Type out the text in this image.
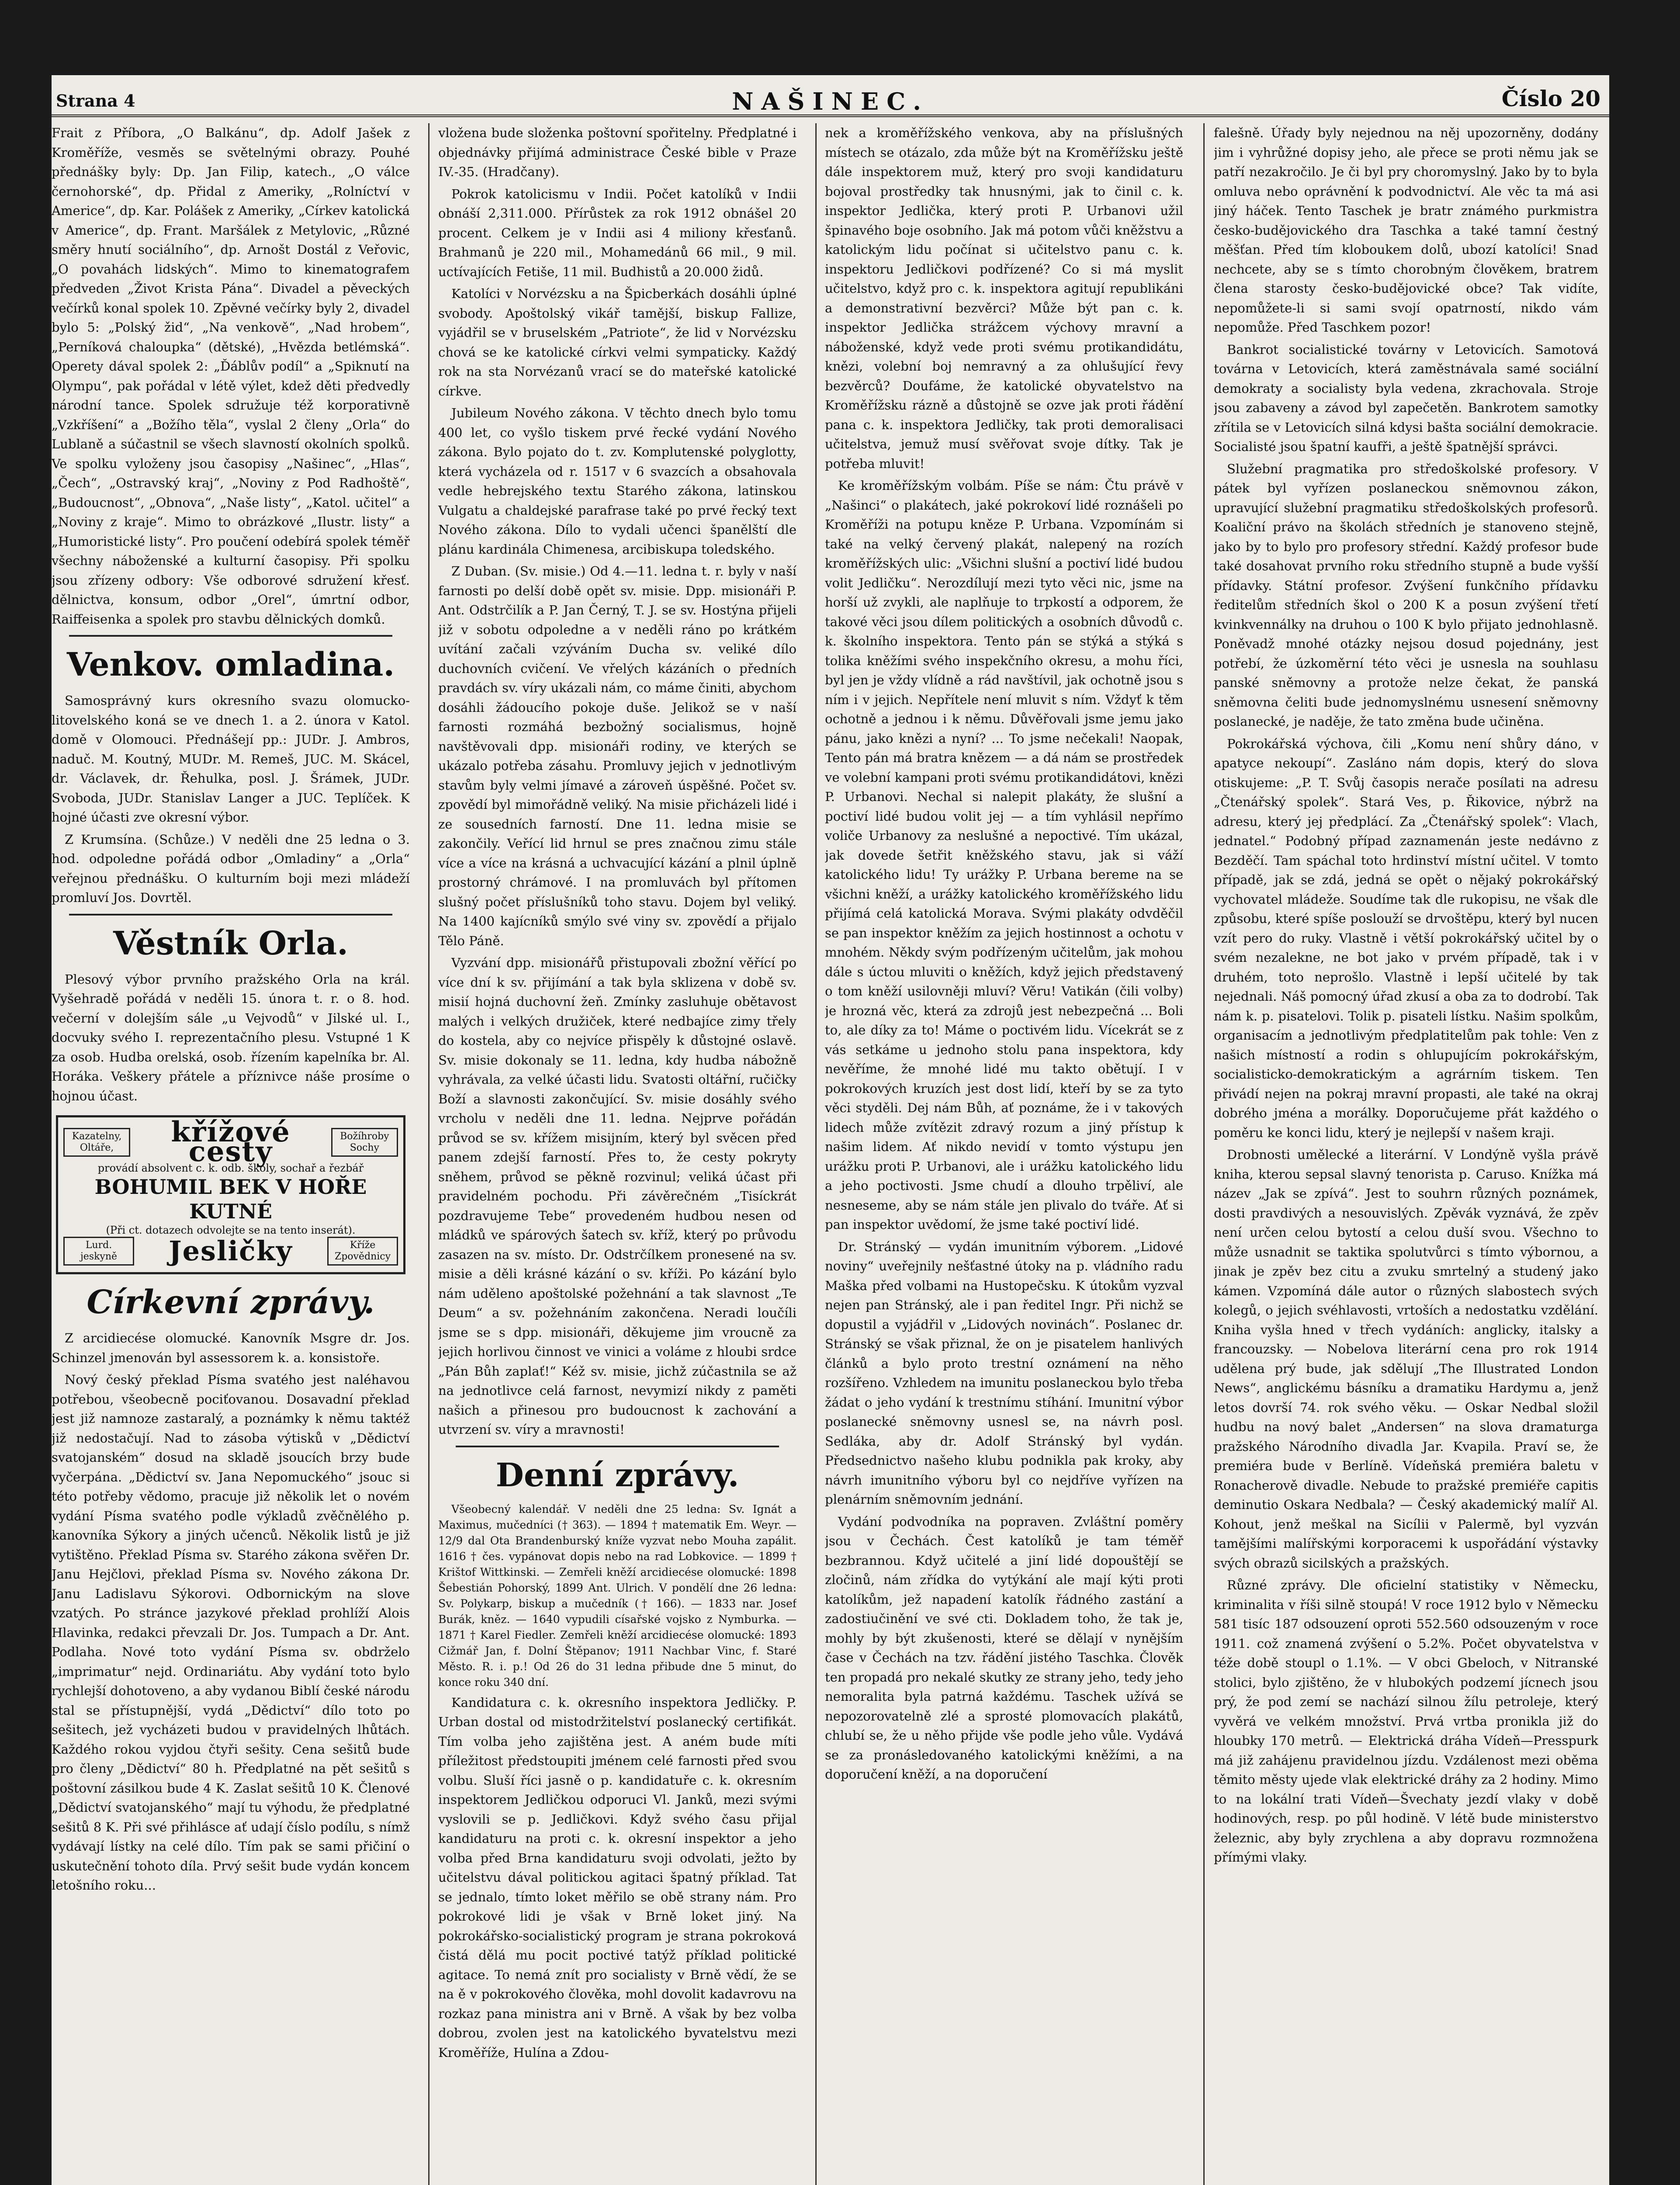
Strana 4	NAŠINEC.	Číslo 20

Frait z Příbora, „O Balkánu“, dp. Adolf Jašek z Kroměříže, vesměs se světelnými obrazy. Pouhé přednášky byly: Dp. Jan Filip, katech., „O válce černohorské“, dp. Přidal z Ameriky, „Rolníctví v Americe“, dp. Kar. Polášek z Ameriky, „Církev katolická v Americe“, dp. Frant. Maršálek z Metylovic, „Různé směry hnutí sociálního“, dp. Arnošt Dostál z Veřovic, „O povahách lidských“. Mimo to kinematografem předveden „Život Krista Pána“. Divadel a pěveckých večírků konal spolek 10. Zpěvné večírky byly 2, divadel bylo 5: „Polský žid“, „Na venkově“, „Nad hrobem“, „Perníková chaloupka“ (dětské), „Hvězda betlémská“. Operety dával spolek 2: „Ďáblův podíl“ a „Spiknutí na Olympu“, pak pořádal v létě výlet, kdež děti předvedly národní tance. Spolek sdružuje též korporativně „Vzkříšení“ a „Božího těla“, vyslal 2 členy „Orla“ do Lublaně a súčastnil se všech slavností okolních spolků. Ve spolku vyloženy jsou časopisy „Našinec“, „Hlas“, „Čech“, „Ostravský kraj“, „Noviny z Pod Radhoště“, „Budoucnost“, „Obnova“, „Naše listy“, „Katol. učitel“ a „Noviny z kraje“. Mimo to obrázkové „Ilustr. listy“ a „Humoristické listy“. Pro poučení odebírá spolek téměř všechny náboženské a kulturní časopisy. Při spolku jsou zřízeny odbory: Vše odborové sdružení křesť. dělnictva, konsum, odbor „Orel“, úmrtní odbor, Raiffeisenka a spolek pro stavbu dělnických domků.

Venkov. omladina.

Samosprávný kurs okresního svazu olomucko-litovelského koná se ve dnech 1. a 2. února v Katol. domě v Olomouci. Přednášejí pp.: JUDr. J. Ambros, naduč. M. Koutný, MUDr. M. Remeš, JUC. M. Skácel, dr. Václavek, dr. Řehulka, posl. J. Šrámek, JUDr. Svoboda, JUDr. Stanislav Langer a JUC. Teplíček. K hojné účasti zve okresní výbor.

Z Krumsína. (Schůze.) V neděli dne 25 ledna o 3. hod. odpoledne pořádá odbor „Omladiny“ a „Orla“ veřejnou přednášku. O kulturním boji mezi mládeží promluví Jos. Dovrtěl.

Věstník Orla.

Plesový výbor prvního pražského Orla na král. Vyšehradě pořádá v neděli 15. února t. r. o 8. hod. večerní v dolejším sále „u Vejvodů“ v Jilské ul. I., docvuky svého I. reprezentačního plesu. Vstupné 1 K za osob. Hudba orelská, osob. řízením kapelníka br. Al. Horáka. Veškery přátele a příznivce náše prosíme o hojnou účast.

Kazatelny, Oltáře,	křížové cesty	Božíhroby Sochy
provádí absolvent c. k. odb. školy, sochař a řezbář
BOHUMIL BEK V HOŘE KUTNÉ
(Při ct. dotazech odvolejte se na tento inserát).
Lurd. jeskyně	Jesličky	Kříže Zpovědnicy
Církevní zprávy.

Z arcidiecése olomucké. Kanovník Msgre dr. Jos. Schinzel jmenován byl assessorem k. a. konsistoře.

Nový český překlad Písma svatého jest naléhavou potřebou, všeobecně pociťovanou. Dosavadní překlad jest již namnoze zastaralý, a poznámky k němu taktéž již nedostačují. Nad to zásoba výtisků v „Dědictví svatojanském“ dosud na skladě jsoucích brzy bude vyčerpána. „Dědictví sv. Jana Nepomuckého“ jsouc si této potřeby vědomo, pracuje již několik let o novém vydání Písma svatého podle výkladů zvěčnělého p. kanovníka Sýkory a jiných učenců. Několik listů je již vytištěno. Překlad Písma sv. Starého zákona svěřen Dr. Janu Hejčlovi, překlad Písma sv. Nového zákona Dr. Janu Ladislavu Sýkorovi. Odbornickým na slove vzatých. Po stránce jazykové překlad prohlíží Alois Hlavinka, redakci převzali Dr. Jos. Tumpach a Dr. Ant. Podlaha. Nové toto vydání Písma sv. obdrželo „imprimatur“ nejd. Ordinariátu. Aby vydání toto bylo rychlejší dohotoveno, a aby vydanou Biblí české národu stal se přístupnější, vydá „Dědictví“ dílo toto po sešitech, jež vycházeti budou v pravidelných lhůtách. Každého rokou vyjdou čtyři sešity. Cena sešitů bude pro členy „Dědictví“ 80 h. Předplatné na pět sešitů s poštovní zásilkou bude 4 K. Zaslat sešitů 10 K. Členové „Dědictví svatojanského“ mají tu výhodu, že předplatné sešitů 8 K. Při své přihlásce ať udají číslo podílu, s nímž vydávají lístky na celé dílo. Tím pak se sami přičiní o uskutečnění tohoto díla. Prvý sešit bude vydán koncem letošního roku...

vložena bude složenka poštovní spořitelny. Předplatné i objednávky přijímá administrace České bible v Praze IV.-35. (Hradčany).

Pokrok katolicismu v Indii. Počet katolíků v Indii obnáší 2,311.000. Přírůstek za rok 1912 obnášel 20 procent. Celkem je v Indii asi 4 miliony křesťanů. Brahmanů je 220 mil., Mohamedánů 66 mil., 9 mil. uctívajících Fetiše, 11 mil. Budhistů a 20.000 židů.

Katolíci v Norvézsku a na Špicberkách dosáhli úplné svobody. Apoštolský vikář tamější, biskup Fallize, vyjádřil se v bruselském „Patriote“, že lid v Norvézsku chová se ke katolické církvi velmi sympaticky. Každý rok na sta Norvézanů vrací se do mateřské katolické církve.

Jubileum Nového zákona. V těchto dnech bylo tomu 400 let, co vyšlo tiskem prvé řecké vydání Nového zákona. Bylo pojato do t. zv. Komplutenské polyglotty, která vycházela od r. 1517 v 6 svazcích a obsahovala vedle hebrejského textu Starého zákona, latinskou Vulgatu a chaldejské parafrase také po prvé řecký text Nového zákona. Dílo to vydali učenci španělští dle plánu kardinála Chimenesa, arcibiskupa toledského.

Z Duban. (Sv. misie.) Od 4.—11. ledna t. r. byly v naší farnosti po delší době opět sv. misie. Dpp. misionáři P. Ant. Odstrčilík a P. Jan Černý, T. J. se sv. Hostýna přijeli již v sobotu odpoledne a v neděli ráno po krátkém uvítání začali vzýváním Ducha sv. veliké dílo duchovních cvičení. Ve vřelých kázáních o předních pravdách sv. víry ukázali nám, co máme činiti, abychom dosáhli žádoucího pokoje duše. Jelikož se v naší farnosti rozmáhá bezbožný socialismus, hojně navštěvovali dpp. misionáři rodiny, ve kterých se ukázalo potřeba zásahu. Promluvy jejich v jednotlivým stavům byly velmi jímavé a zároveň úspěšné. Počet sv. zpovědí byl mimořádně veliký. Na misie přicházeli lidé i ze sousedních farností. Dne 11. ledna misie se zakončily. Veřící lid hrnul se pres značnou zimu stále více a více na krásná a uchvacující kázání a plnil úplně prostorný chrámové. I na promluvách byl přítomen slušný počet příslušníků toho stavu. Dojem byl veliký. Na 1400 kajícníků smýlo své viny sv. zpovědí a přijalo Tělo Páně.

Vyzvání dpp. misionářů přistupovali zbožní věřící po více dní k sv. přijímání a tak byla sklizena v době sv. misií hojná duchovní žeň. Zmínky zasluhuje obětavost malých i velkých družiček, které nedbajíce zimy třely do kostela, aby co nejvíce přispěly k důstojné oslavě. Sv. misie dokonaly se 11. ledna, kdy hudba nábožně vyhrávala, za velké účasti lidu. Svatosti oltářní, ručičky Boží a slavnosti zakončující. Sv. misie dosáhly svého vrcholu v neděli dne 11. ledna. Nejprve pořádán průvod se sv. křížem misijním, který byl svěcen před panem zdejší farností. Přes to, že cesty pokryty sněhem, průvod se pěkně rozvinul; veliká účast při pravidelném pochodu. Při závěrečném „Tisíckrát pozdravujeme Tebe“ provedeném hudbou nesen od mládků ve spárových šatech sv. kříž, který po průvodu zasazen na sv. místo. Dr. Odstrčílkem pronesené na sv. misie a děli krásné kázání o sv. kříži. Po kázání bylo nám uděleno apoštolské požehnání a tak slavnost „Te Deum“ a sv. požehnáním zakončena. Neradi loučíli jsme se s dpp. misionáři, děkujeme jim vroucně za jejich horlivou činnost ve vinici a voláme z hloubi srdce „Pán Bůh zaplať!“ Kéž sv. misie, jichž zúčastnila se až na jednotlivce celá farnost, nevymizí nikdy z paměti našich a přinesou pro budoucnost k zachování a utvrzení sv. víry a mravnosti!

Denní zprávy.

Všeobecný kalendář. V neděli dne 25 ledna: Sv. Ignát a Maximus, mučedníci († 363). — 1894 † matematik Em. Weyr. — 12/9 dal Ota Brandenburský kníže vyzvat nebo Mouha zapálit. 1616 † čes. vypánovat dopis nebo na rad Lobkovice. — 1899 † Krištof Wittkinski. — Zemřeli kněží arcidiecése olomucké: 1898 Šebestián Pohorský, 1899 Ant. Ulrich. V pondělí dne 26 ledna: Sv. Polykarp, biskup a mučedník († 166). — 1833 nar. Josef Burák, kněz. — 1640 vypudili císařské vojsko z Nymburka. — 1871 † Karel Fiedler. Zemřeli kněží arcidiecése olomucké: 1893 Cižmář Jan, f. Dolní Štěpanov; 1911 Nachbar Vinc, f. Staré Město. R. i. p.! Od 26 do 31 ledna přibude dne 5 minut, do konce roku 340 dní.

Kandidatura c. k. okresního inspektora Jedličky. P. Urban dostal od mistodržitelství poslanecký certifikát. Tím volba jeho zajištěna jest. A aném bude míti příležitost předstoupiti jménem celé farnosti před svou volbu. Sluší říci jasně o p. kandidatuře c. k. okresním inspektorem Jedličkou odporuci Vl. Janků, mezi svými vyslovili se p. Jedličkovi. Když svého času přijal kandidaturu na proti c. k. okresní inspektor a jeho volba před Brna kandidaturu svoji odvolati, ježto by učitelstvu dával politickou agitaci špatný příklad. Tat se jednalo, tímto loket měřilo se obě strany nám. Pro pokrokové lidi je však v Brně loket jiný. Na pokrokářsko-socialistický program je strana pokroková čistá dělá mu pocit poctivé tatýž příklad politické agitace. To nemá znít pro socialisty v Brně vědí, že se na ě v pokrokového člověka, mohl dovolit kadavrovu na rozkaz pana ministra ani v Brně. A však by bez volba dobrou, zvolen jest na katolického byvatelstvu mezi Kroměříže, Hulína a Zdou-

nek a kroměřížského venkova, aby na příslušných místech se otázalo, zda může být na Kroměřížsku ještě dále inspektorem muž, který pro svoji kandidaturu bojoval prostředky tak hnusnými, jak to činil c. k. inspektor Jedlička, který proti P. Urbanovi užil špinavého boje osobního. Jak má potom vůči kněžstvu a katolickým lidu počínat si učitelstvo panu c. k. inspektoru Jedličkovi podřízené? Co si má myslit učitelstvo, když pro c. k. inspektora agitují republikáni a demonstrativní bezvěrci? Může být pan c. k. inspektor Jedlička strážcem výchovy mravní a náboženské, když vede proti svému protikandidátu, knězi, volební boj nemravný a za ohlušující řevy bezvěrců? Doufáme, že katolické obyvatelstvo na Kroměřížsku rázně a důstojně se ozve jak proti řádění pana c. k. inspektora Jedličky, tak proti demoralisaci učitelstva, jemuž musí svěřovat svoje dítky. Tak je potřeba mluvit!

Ke kroměřížským volbám. Píše se nám: Čtu právě v „Našinci“ o plakátech, jaké pokrokoví lidé roznášeli po Kroměříži na potupu kněze P. Urbana. Vzpomínám si také na velký červený plakát, nalepený na rozích kroměřížských ulic: „Všichni slušní a poctiví lidé budou volit Jedličku“. Nerozdílují mezi tyto věci nic, jsme na horší už zvykli, ale naplňuje to trpkostí a odporem, že takové věci jsou dílem politických a osobních důvodů c. k. školního inspektora. Tento pán se stýká a stýká s tolika kněžími svého inspekčního okresu, a mohu říci, byl jen je vždy vlídně a rád navštívil, jak ochotně jsou s ním i v jejich. Nepřítele není mluvit s ním. Vždyť k těm ochotně a jednou i k němu. Důvěřovali jsme jemu jako pánu, jako knězi a nyní? ... To jsme nečekali! Naopak, Tento pán má bratra knězem — a dá nám se prostředek ve volební kampani proti svému protikandidátovi, knězi P. Urbanovi. Nechal si nalepit plakáty, že slušní a poctiví lidé budou volit jej — a tím vyhlásil nepřímo voliče Urbanovy za neslušné a nepoctivé. Tím ukázal, jak dovede šetřit kněžského stavu, jak si váží katolického lidu! Ty urážky P. Urbana bereme na se všichni kněží, a urážky katolického kroměřížského lidu přijímá celá katolická Morava. Svými plakáty odvděčil se pan inspektor kněžím za jejich hostinnost a ochotu v mnohém. Někdy svým podřízeným učitelům, jak mohou dále s úctou mluviti o kněžích, když jejich představený o tom kněží usilovněji mluví? Věru! Vatikán (čili volby) je hrozná věc, která za zdrojů jest nebezpečná ... Boli to, ale díky za to! Máme o poctivém lidu. Vícekrát se z vás setkáme u jednoho stolu pana inspektora, kdy nevěříme, že mnohé lidé mu takto obětují. I v pokrokových kruzích jest dost lidí, kteří by se za tyto věci styděli. Dej nám Bůh, ať poznáme, že i v takových lidech může zvítězit zdravý rozum a jiný přístup k našim lidem. Ať nikdo nevidí v tomto výstupu jen urážku proti P. Urbanovi, ale i urážku katolického lidu a jeho poctivosti. Jsme chudí a dlouho trpěliví, ale nesneseme, aby se nám stále jen plivalo do tváře. Ať si pan inspektor uvědomí, že jsme také poctiví lidé.

Dr. Stránský — vydán imunitním výborem. „Lidové noviny“ uveřejnily nešťastné útoky na p. vládního radu Maška před volbami na Hustopečsku. K útokům vyzval nejen pan Stránský, ale i pan ředitel Ingr. Při nichž se dopustil a vyjádřil v „Lidových novinách“. Poslanec dr. Stránský se však přiznal, že on je pisatelem hanlivých článků a bylo proto trestní oznámení na něho rozšířeno. Vzhledem na imunitu poslaneckou bylo třeba žádat o jeho vydání k trestnímu stíhání. Imunitní výbor poslanecké sněmovny usnesl se, na návrh posl. Sedláka, aby dr. Adolf Stránský byl vydán. Předsednictvo našeho klubu podnikla pak kroky, aby návrh imunitního výboru byl co nejdříve vyřízen na plenárním sněmovním jednání.

Vydání podvodníka na popraven. Zvláštní poměry jsou v Čechách. Čest katolíků je tam téměř bezbrannou. Když učitelé a jiní lidé dopouštějí se zločinů, nám zřídka do vytýkání ale mají kýti proti katolíkům, jež napadení katolík řádného zastání a zadostiučinění ve své cti. Dokladem toho, že tak je, mohly by být zkušenosti, které se dělají v nynějším čase v Čechách na tzv. řádění jistého Taschka. Člověk ten propadá pro nekalé skutky ze strany jeho, tedy jeho nemoralita byla patrná každému. Taschek užívá se nepozorovatelně zlé a sprosté plomovacích plakátů, chlubí se, že u něho přijde vše podle jeho vůle. Vydává se za pronásledovaného katolickými kněžími, a na doporučení kněží, a na doporučení

falešně. Úřady byly nejednou na něj upozorněny, dodány jim i vyhrůžné dopisy jeho, ale přece se proti němu jak se patří nezakročilo. Je či byl pry choromyslný. Jako by to byla omluva nebo oprávnění k podvodnictví. Ale věc ta má asi jiný háček. Tento Taschek je bratr známého purkmistra česko-budějovického dra Taschka a také tamní čestný měšťan. Před tím kloboukem dolů, ubozí katolíci! Snad nechcete, aby se s tímto chorobným člověkem, bratrem člena starosty česko-budějovické obce? Tak vidíte, nepomůžete-li si sami svojí opatrností, nikdo vám nepomůže. Před Taschkem pozor!

Bankrot socialistické továrny v Letovicích. Samotová továrna v Letovicích, která zaměstnávala samé sociální demokraty a socialisty byla vedena, zkrachovala. Stroje jsou zabaveny a závod byl zapečetěn. Bankrotem samotky zřítila se v Letovicích silná kdysi bašta sociální demokracie. Socialisté jsou špatní kaufři, a ještě špatnější správci.

Služební pragmatika pro středoškolské profesory. V pátek byl vyřízen poslaneckou sněmovnou zákon, upravující služební pragmatiku středoškolských profesorů. Koaliční právo na školách středních je stanoveno stejně, jako by to bylo pro profesory střední. Každý profesor bude také dosahovat prvního roku středního stupně a bude vyšší přídavky. Státní profesor. Zvýšení funkčního přídavku ředitelům středních škol o 200 K a posun zvýšení třetí kvinkvennálky na druhou o 100 K bylo přijato jednohlasně. Poněvadž mnohé otázky nejsou dosud pojednány, jest potřebí, že úzkoměrní této věci je usnesla na souhlasu panské sněmovny a protože nelze čekat, že panská sněmovna čeliti bude jednomyslnému usnesení sněmovny poslanecké, je naděje, že tato změna bude učiněna.

Pokrokářská výchova, čili „Komu není shůry dáno, v apatyce nekoupí“. Zasláno nám dopis, který do slova otiskujeme: „P. T. Svůj časopis nerače posílati na adresu „Čtenářský spolek“. Stará Ves, p. Řikovice, nýbrž na adresu, který jej předplácí. Za „Čtenářský spolek“: Vlach, jednatel.“ Podobný případ zaznamenán jeste nedávno z Bezděčí. Tam spáchal toto hrdinství místní učitel. V tomto případě, jak se zdá, jedná se opět o nějaký pokrokářský vychovatel mládeže. Soudíme tak dle rukopisu, ne však dle způsobu, které spíše poslouží se drvoštěpu, který byl nucen vzít pero do ruky. Vlastně i větší pokrokářský učitel by o svém nezalekne, ne bot jako v prvém případě, tak i v druhém, toto neprošlo. Vlastně i lepší učitelé by tak nejednali. Náš pomocný úřad zkusí a oba za to dodrobí. Tak nám k. p. pisatelovi. Tolik p. pisateli lístku. Našim spolkům, organisacím a jednotlivým předplatitelům pak tohle: Ven z našich místností a rodin s ohlupujícím pokrokářským, socialisticko-demokratickým a agrárním tiskem. Ten přivádí nejen na pokraj mravní propasti, ale také na okraj dobrého jména a morálky. Doporučujeme přát každého o poměru ke konci lidu, který je nejlepší v našem kraji.

Drobnosti umělecké a literární. V Londýně vyšla právě kniha, kterou sepsal slavný tenorista p. Caruso. Knížka má název „Jak se zpívá“. Jest to souhrn různých poznámek, dosti pravdivých a nesouvislých. Zpěvák vyznává, že zpěv není určen celou bytostí a celou duší svou. Všechno to může usnadnit se taktika spolutvůrci s tímto výbornou, a jinak je zpěv bez citu a zvuku smrtelný a studený jako kámen. Vzpomíná dále autor o různých slabostech svých kolegů, o jejich svéhlavosti, vrtoších a nedostatku vzdělání. Kniha vyšla hned v třech vydáních: anglicky, italsky a francouzsky. — Nobelova literární cena pro rok 1914 udělena prý bude, jak sdělují „The Illustrated London News“, anglickému básníku a dramatiku Hardymu a, jenž letos dovrší 74. rok svého věku. — Oskar Nedbal složil hudbu na nový balet „Andersen“ na slova dramaturga pražského Národního divadla Jar. Kvapila. Praví se, že premiéra bude v Berlíně. Vídeňská premiéra baletu v Ronacherově divadle. Nebude to pražské premiéře capitis deminutio Oskara Nedbala? — Český akademický malíř Al. Kohout, jenž meškal na Sicílii v Palermě, byl vyzván tamějšími malířskými korporacemi k uspořádání výstavky svých obrazů sicilských a pražských.

Různé zprávy. Dle oficielní statistiky v Německu, kriminalita v říši silně stoupá! V roce 1912 bylo v Německu 581 tisíc 187 odsouzení oproti 552.560 odsouzeným v roce 1911. což znamená zvýšení o 5.2%. Počet obyvatelstva v téže době stoupl o 1.1%. — V obci Gbeloch, v Nitranské stolici, bylo zjištěno, že v hlubokých podzemí jícnech jsou prý, že pod zemí se nachází silnou žílu petroleje, který vyvěrá ve velkém množství. Prvá vrtba pronikla již do hloubky 170 metrů. — Elektrická dráha Vídeň—Presspurk má již zahájenu pravidelnou jízdu. Vzdálenost mezi oběma těmito městy ujede vlak elektrické dráhy za 2 hodiny. Mimo to na lokální trati Vídeň—Švechaty jezdí vlaky v době hodinových, resp. po půl hodině. V létě bude ministerstvo železnic, aby byly zrychlena a aby dopravu rozmnožena přímými vlaky.
